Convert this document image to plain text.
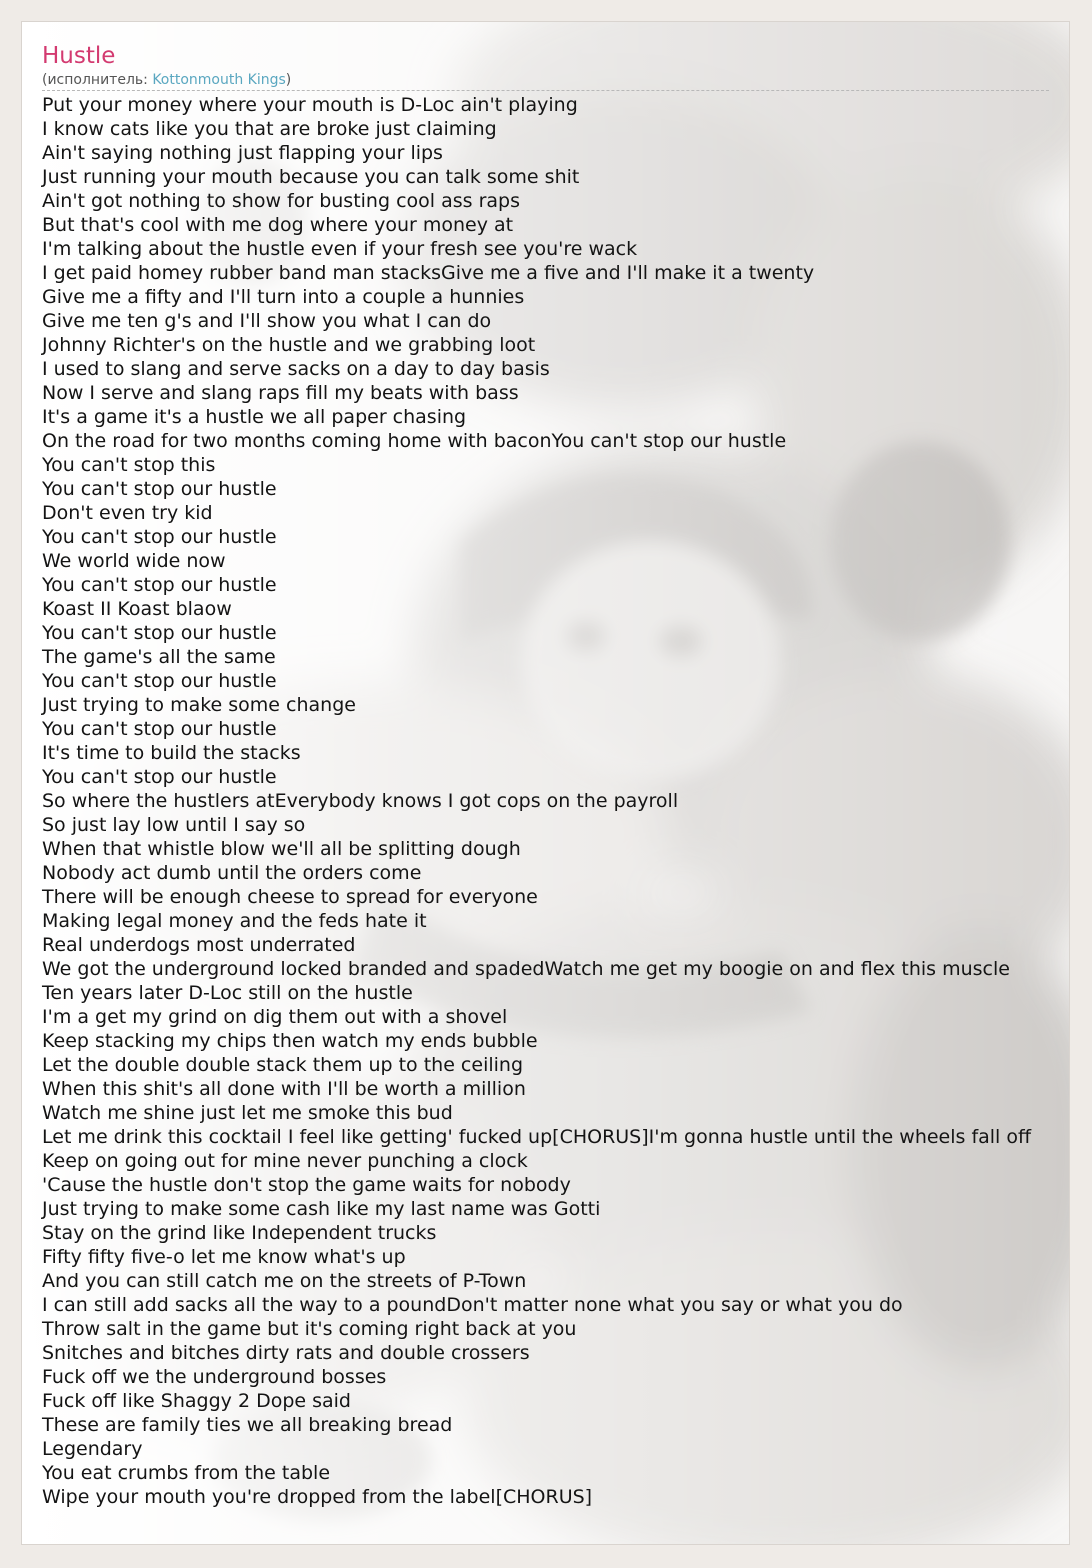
Hustle
(исполнитель: Kottonmouth Kings)
Put your money where your mouth is D-Loc ain't playing
I know cats like you that are broke just claiming
Ain't saying nothing just flapping your lips
Just running your mouth because you can talk some shit
Ain't got nothing to show for busting cool ass raps
But that's cool with me dog where your money at
I'm talking about the hustle even if your fresh see you're wack
I get paid homey rubber band man stacksGive me a five and I'll make it a twenty
Give me a fifty and I'll turn into a couple a hunnies
Give me ten g's and I'll show you what I can do
Johnny Richter's on the hustle and we grabbing loot
I used to slang and serve sacks on a day to day basis
Now I serve and slang raps fill my beats with bass
It's a game it's a hustle we all paper chasing
On the road for two months coming home with baconYou can't stop our hustle
You can't stop this
You can't stop our hustle
Don't even try kid
You can't stop our hustle
We world wide now
You can't stop our hustle
Koast II Koast blaow
You can't stop our hustle
The game's all the same
You can't stop our hustle
Just trying to make some change
You can't stop our hustle
It's time to build the stacks
You can't stop our hustle
So where the hustlers atEverybody knows I got cops on the payroll
So just lay low until I say so
When that whistle blow we'll all be splitting dough
Nobody act dumb until the orders come
There will be enough cheese to spread for everyone
Making legal money and the feds hate it
Real underdogs most underrated
We got the underground locked branded and spadedWatch me get my boogie on and flex this muscle
Ten years later D-Loc still on the hustle
I'm a get my grind on dig them out with a shovel
Keep stacking my chips then watch my ends bubble
Let the double double stack them up to the ceiling
When this shit's all done with I'll be worth a million
Watch me shine just let me smoke this bud
Let me drink this cocktail I feel like getting' fucked up[CHORUS]I'm gonna hustle until the wheels fall off
Keep on going out for mine never punching a clock
'Cause the hustle don't stop the game waits for nobody
Just trying to make some cash like my last name was Gotti
Stay on the grind like Independent trucks
Fifty fifty five-o let me know what's up
And you can still catch me on the streets of P-Town
I can still add sacks all the way to a poundDon't matter none what you say or what you do
Throw salt in the game but it's coming right back at you
Snitches and bitches dirty rats and double crossers
Fuck off we the underground bosses
Fuck off like Shaggy 2 Dope said
These are family ties we all breaking bread
Legendary
You eat crumbs from the table
Wipe your mouth you're dropped from the label[CHORUS]
